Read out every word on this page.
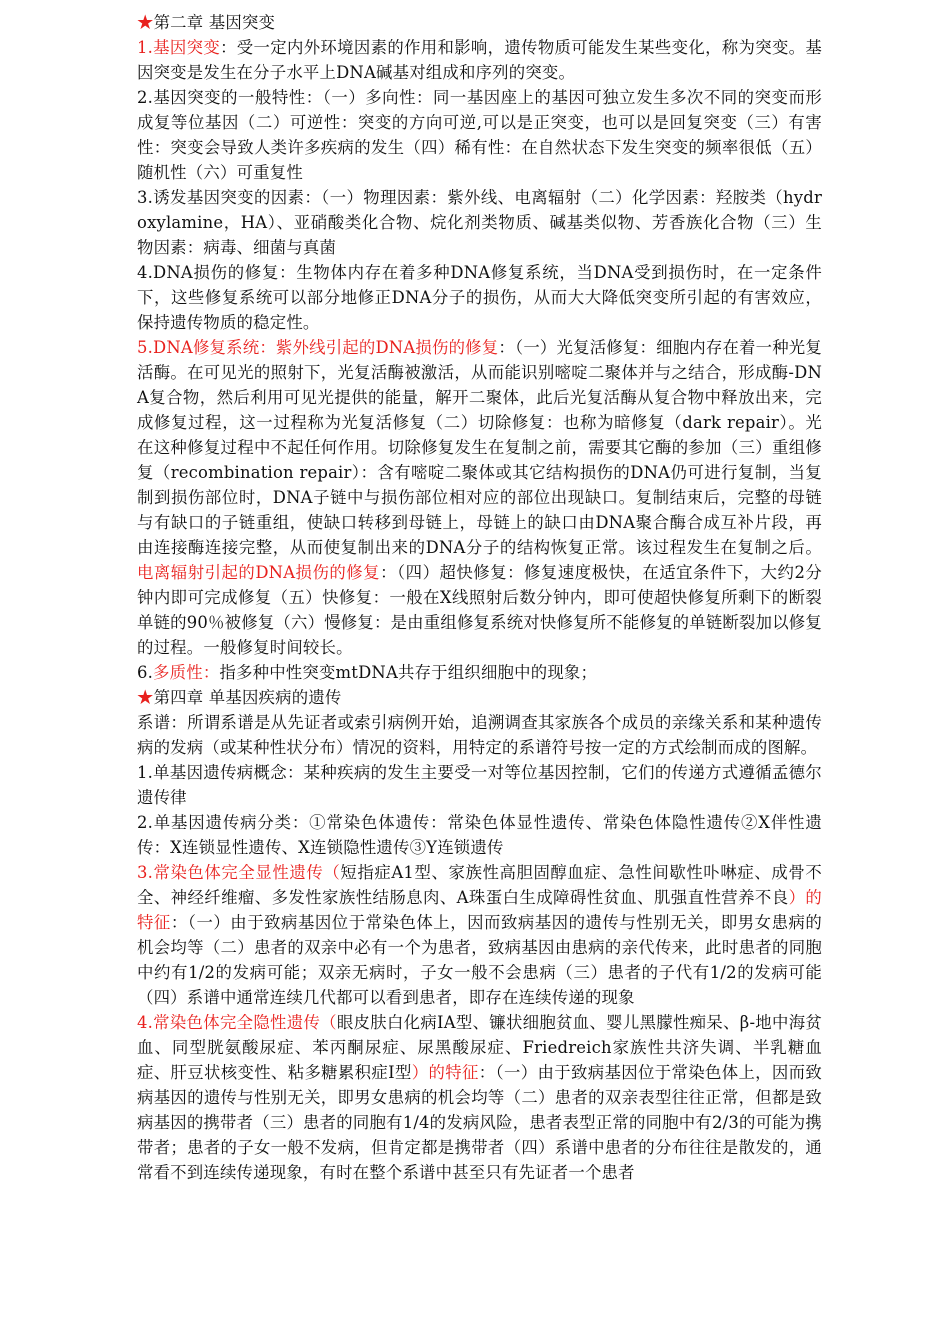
★第二章 基因突变

1.基因突变：受一定内外环境因素的作用和影响，遗传物质可能发生某些变化，称为突变。基因突变是发生在分子水平上DNA碱基对组成和序列的突变。

2.基因突变的一般特性：（一）多向性：同一基因座上的基因可独立发生多次不同的突变而形成复等位基因（二）可逆性：突变的方向可逆,可以是正突变，也可以是回复突变（三）有害性：突变会导致人类许多疾病的发生（四）稀有性：在自然状态下发生突变的频率很低（五）随机性（六）可重复性

3.诱发基因突变的因素：（一）物理因素：紫外线、电离辐射（二）化学因素：羟胺类（hydroxylamine，HA）、亚硝酸类化合物、烷化剂类物质、碱基类似物、芳香族化合物（三）生物因素：病毒、细菌与真菌

4.DNA损伤的修复：生物体内存在着多种DNA修复系统，当DNA受到损伤时，在一定条件下，这些修复系统可以部分地修正DNA分子的损伤，从而大大降低突变所引起的有害效应，保持遗传物质的稳定性。

5.DNA修复系统：紫外线引起的DNA损伤的修复：（一）光复活修复：细胞内存在着一种光复活酶。在可见光的照射下，光复活酶被激活，从而能识别嘧啶二聚体并与之结合，形成酶-DNA复合物，然后利用可见光提供的能量，解开二聚体，此后光复活酶从复合物中释放出来，完成修复过程，这一过程称为光复活修复（二）切除修复：也称为暗修复（dark repair）。光在这种修复过程中不起任何作用。切除修复发生在复制之前，需要其它酶的参加（三）重组修复（recombination repair）：含有嘧啶二聚体或其它结构损伤的DNA仍可进行复制，当复制到损伤部位时，DNA子链中与损伤部位相对应的部位出现缺口。复制结束后，完整的母链与有缺口的子链重组，使缺口转移到母链上，母链上的缺口由DNA聚合酶合成互补片段，再由连接酶连接完整，从而使复制出来的DNA分子的结构恢复正常。该过程发生在复制之后。电离辐射引起的DNA损伤的修复：（四）超快修复：修复速度极快，在适宜条件下，大约2分钟内即可完成修复（五）快修复：一般在X线照射后数分钟内，即可使超快修复所剩下的断裂单链的90％被修复（六）慢修复：是由重组修复系统对快修复所不能修复的单链断裂加以修复的过程。一般修复时间较长。

6.多质性：指多种中性突变mtDNA共存于组织细胞中的现象；

★第四章 单基因疾病的遗传

系谱：所谓系谱是从先证者或索引病例开始，追溯调查其家族各个成员的亲缘关系和某种遗传病的发病（或某种性状分布）情况的资料，用特定的系谱符号按一定的方式绘制而成的图解。

1.单基因遗传病概念：某种疾病的发生主要受一对等位基因控制，它们的传递方式遵循孟德尔遗传律

2.单基因遗传病分类：①常染色体遗传：常染色体显性遗传、常染色体隐性遗传②X伴性遗传：X连锁显性遗传、X连锁隐性遗传③Y连锁遗传

3.常染色体完全显性遗传（短指症A1型、家族性高胆固醇血症、急性间歇性卟啉症、成骨不全、神经纤维瘤、多发性家族性结肠息肉、Α珠蛋白生成障碍性贫血、肌强直性营养不良）的特征：（一）由于致病基因位于常染色体上，因而致病基因的遗传与性别无关，即男女患病的机会均等（二）患者的双亲中必有一个为患者，致病基因由患病的亲代传来，此时患者的同胞中约有1/2的发病可能；双亲无病时，子女一般不会患病（三）患者的子代有1/2的发病可能（四）系谱中通常连续几代都可以看到患者，即存在连续传递的现象

4.常染色体完全隐性遗传（眼皮肤白化病IA型、镰状细胞贫血、婴儿黑朦性痴呆、β-地中海贫血、同型胱氨酸尿症、苯丙酮尿症、尿黑酸尿症、Friedreich家族性共济失调、半乳糖血症、肝豆状核变性、粘多糖累积症Ⅰ型）的特征：（一）由于致病基因位于常染色体上，因而致病基因的遗传与性别无关，即男女患病的机会均等（二）患者的双亲表型往往正常，但都是致病基因的携带者（三）患者的同胞有1/4的发病风险，患者表型正常的同胞中有2/3的可能为携带者；患者的子女一般不发病，但肯定都是携带者（四）系谱中患者的分布往往是散发的，通常看不到连续传递现象，有时在整个系谱中甚至只有先证者一个患者
